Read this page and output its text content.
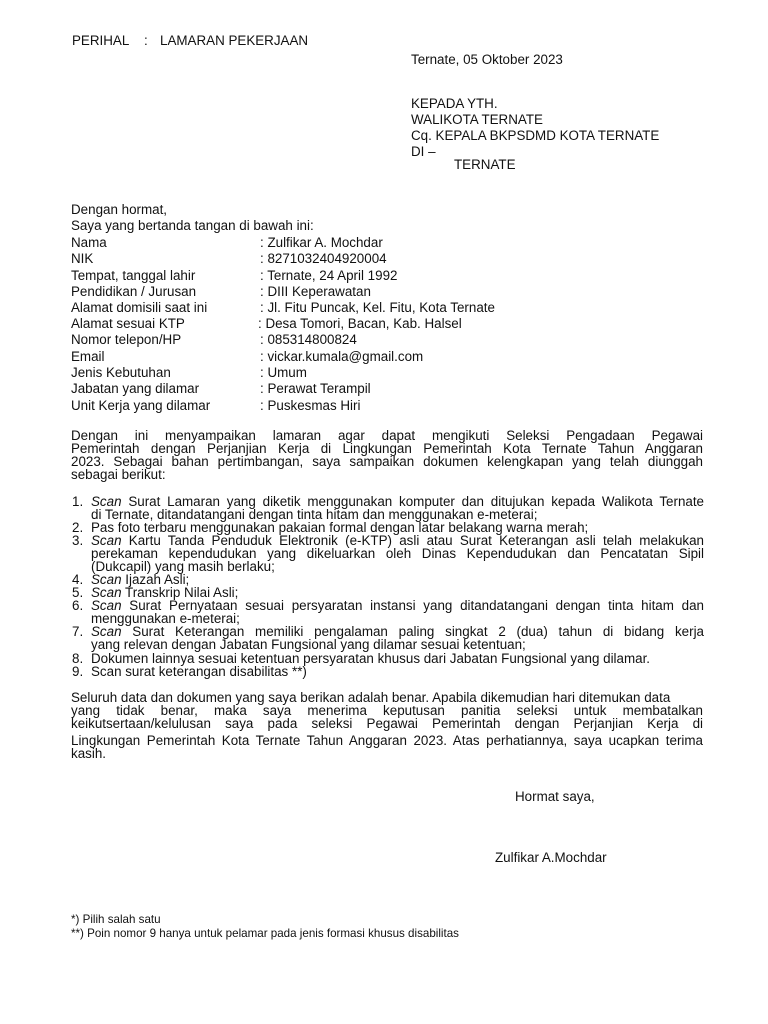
PERIHAL : LAMARAN PEKERJAAN
Ternate, 05 Oktober 2023
KEPADA YTH.
WALIKOTA TERNATE
Cq. KEPALA BKPSDMD KOTA TERNATE
DI –
TERNATE
Dengan hormat,
Saya yang bertanda tangan di bawah ini:
Nama	: Zulfikar A. Mochdar
NIK	: 8271032404920004
Tempat, tanggal lahir	: Ternate, 24 April 1992
Pendidikan / Jurusan	: DIII Keperawatan
Alamat domisili saat ini	: Jl. Fitu Puncak, Kel. Fitu, Kota Ternate
Alamat sesuai KTP	: Desa Tomori, Bacan, Kab. Halsel
Nomor telepon/HP	: 085314800824
Email	: vickar.kumala@gmail.com
Jenis Kebutuhan	: Umum
Jabatan yang dilamar	: Perawat Terampil
Unit Kerja yang dilamar	: Puskesmas Hiri
Dengan ini menyampaikan lamaran agar dapat mengikuti Seleksi Pengadaan Pegawai
Pemerintah dengan Perjanjian Kerja di Lingkungan Pemerintah Kota Ternate Tahun Anggaran
2023. Sebagai bahan pertimbangan, saya sampaikan dokumen kelengkapan yang telah diunggah
sebagai berikut:
1. Scan Surat Lamaran yang diketik menggunakan komputer dan ditujukan kepada Walikota Ternate
di Ternate, ditandatangani dengan tinta hitam dan menggunakan e-meterai;
2. Pas foto terbaru menggunakan pakaian formal dengan latar belakang warna merah;
3. Scan Kartu Tanda Penduduk Elektronik (e-KTP) asli atau Surat Keterangan asli telah melakukan
perekaman kependudukan yang dikeluarkan oleh Dinas Kependudukan dan Pencatatan Sipil
(Dukcapil) yang masih berlaku;
4. Scan Ijazah Asli;
5. Scan Transkrip Nilai Asli;
6. Scan Surat Pernyataan sesuai persyaratan instansi yang ditandatangani dengan tinta hitam dan
menggunakan e-meterai;
7. Scan Surat Keterangan memiliki pengalaman paling singkat 2 (dua) tahun di bidang kerja
yang relevan dengan Jabatan Fungsional yang dilamar sesuai ketentuan;
8. Dokumen lainnya sesuai ketentuan persyaratan khusus dari Jabatan Fungsional yang dilamar.
9. Scan surat keterangan disabilitas **)
Seluruh data dan dokumen yang saya berikan adalah benar. Apabila dikemudian hari ditemukan data
yang tidak benar, maka saya menerima keputusan panitia seleksi untuk membatalkan
keikutsertaan/kelulusan saya pada seleksi Pegawai Pemerintah dengan Perjanjian Kerja di
Lingkungan Pemerintah Kota Ternate Tahun Anggaran 2023. Atas perhatiannya, saya ucapkan terima
kasih.
Hormat saya,
Zulfikar A.Mochdar
*) Pilih salah satu
**) Poin nomor 9 hanya untuk pelamar pada jenis formasi khusus disabilitas
